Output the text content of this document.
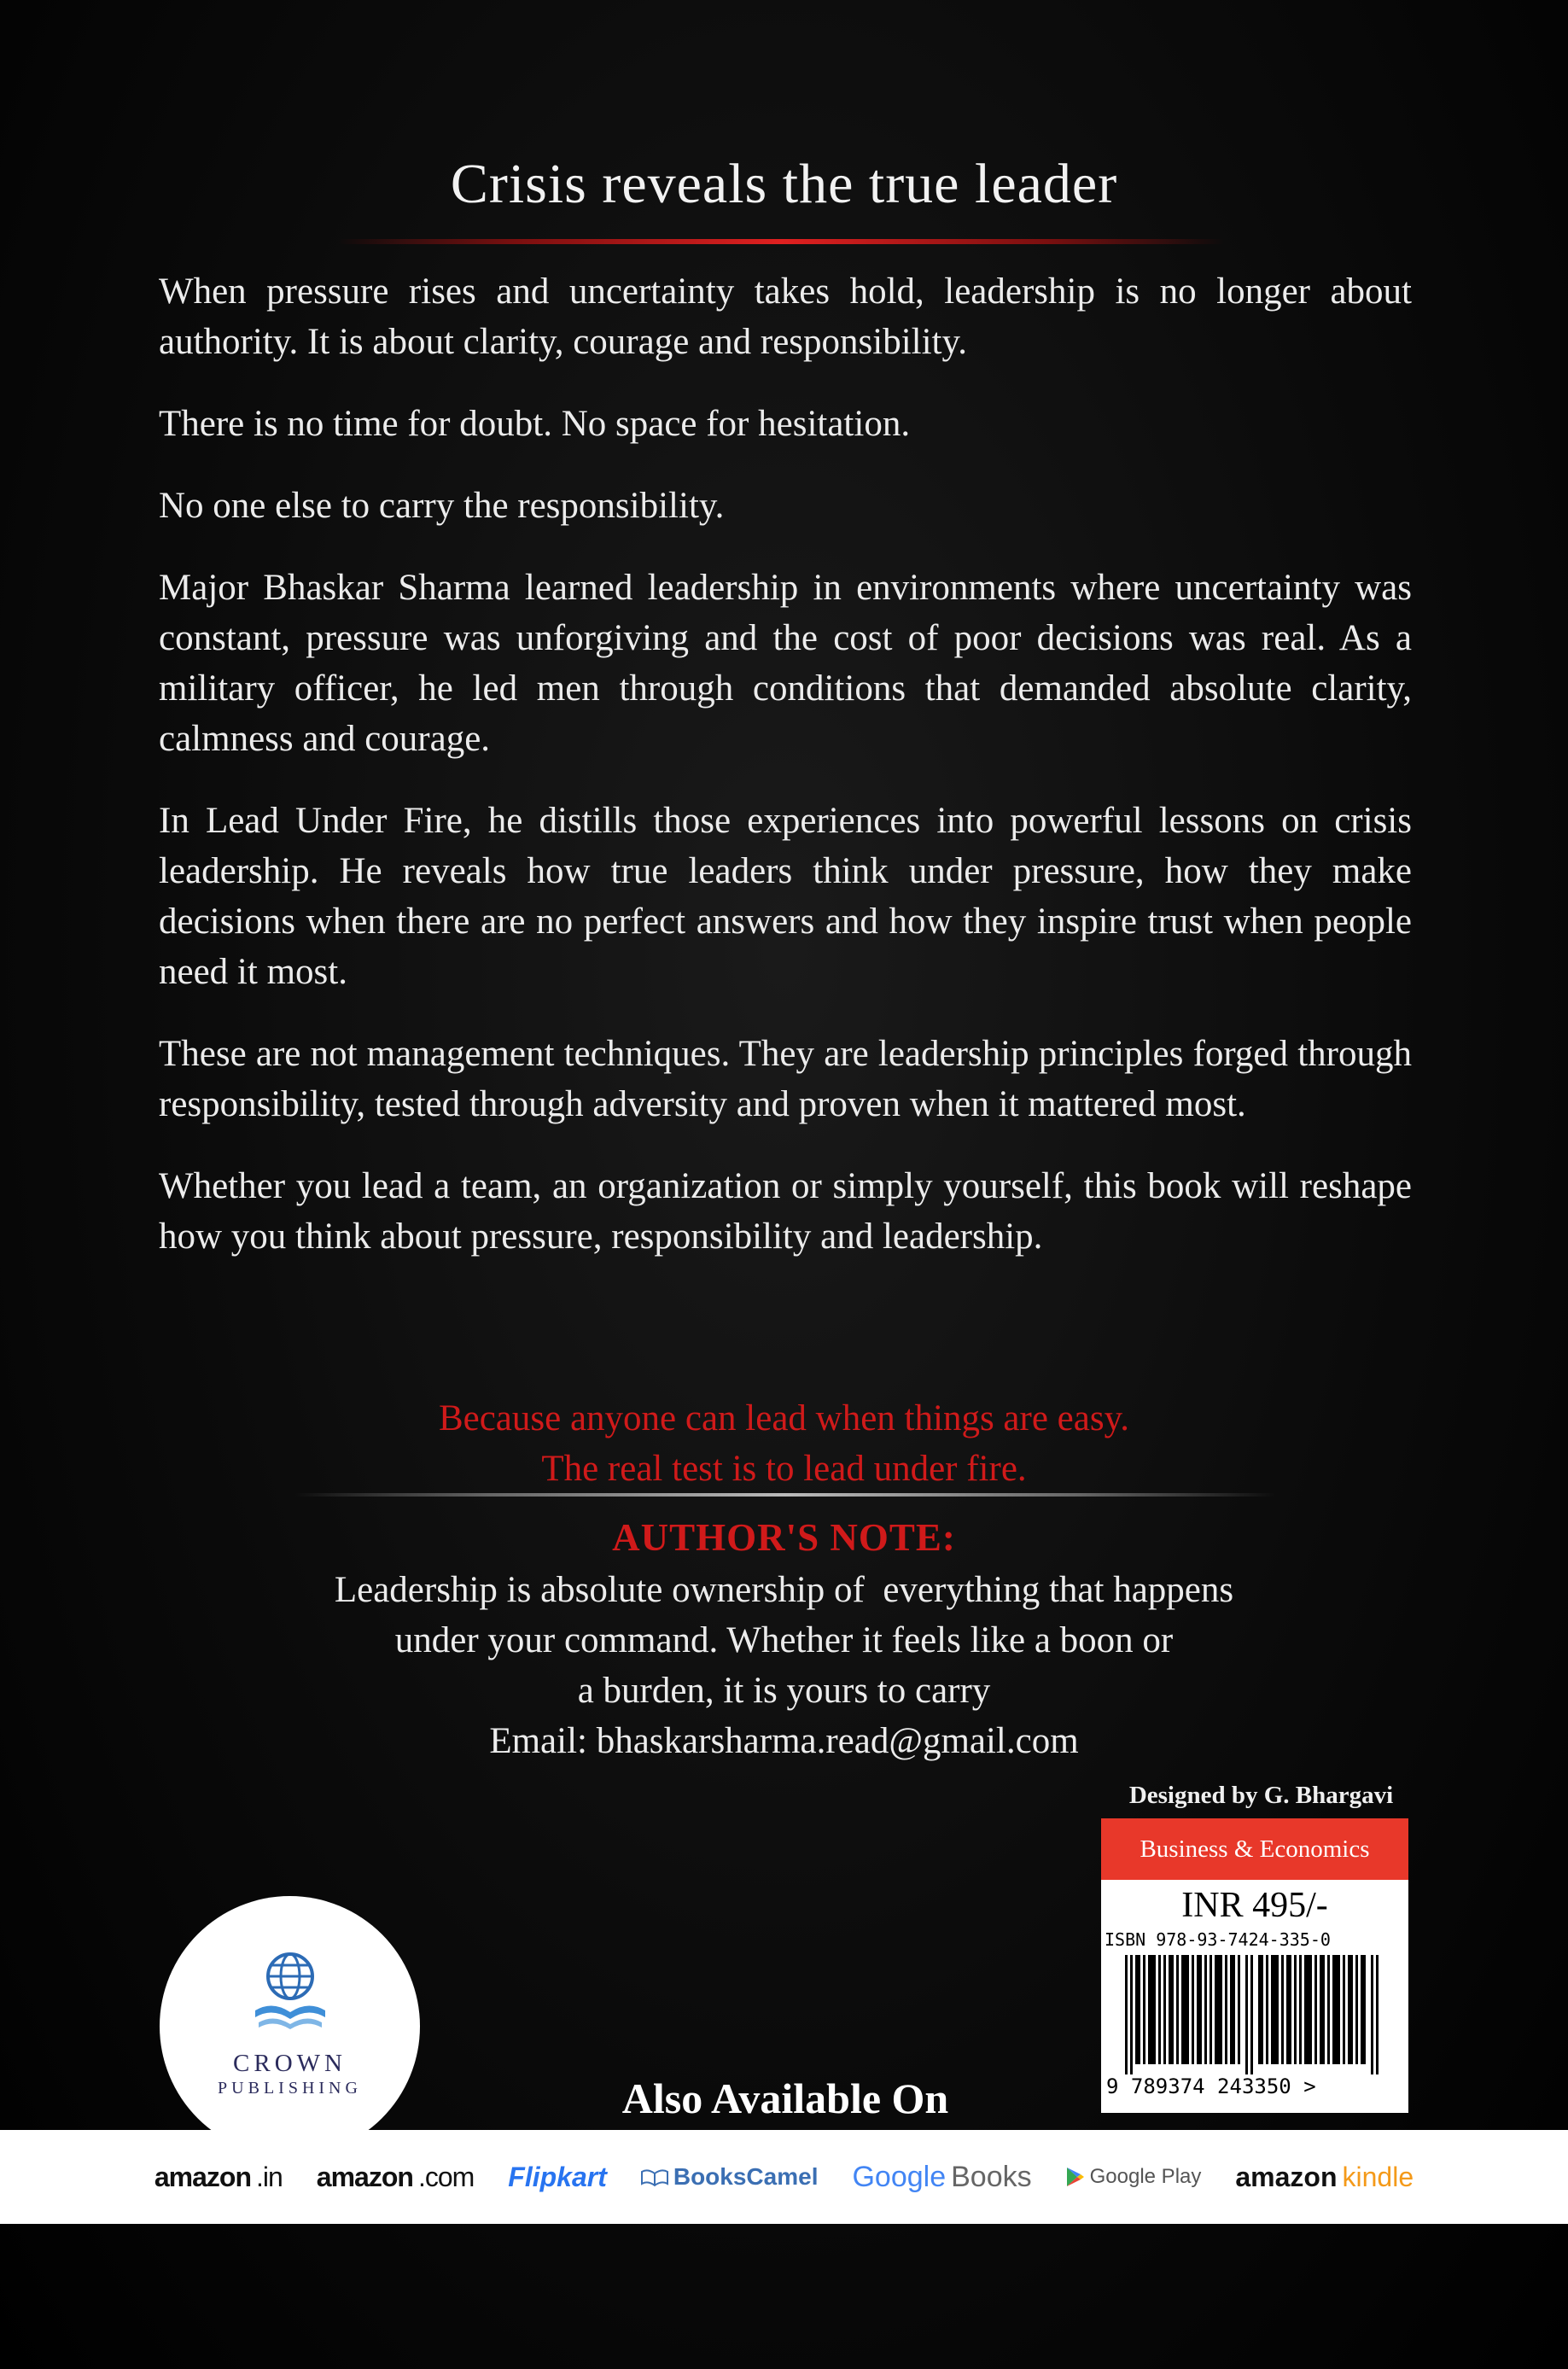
Crisis reveals the true leader

When pressure rises and uncertainty takes hold, leadership is no longer about authority. It is about clarity, courage and responsibility.

There is no time for doubt. No space for hesitation.

No one else to carry the responsibility.

Major Bhaskar Sharma learned leadership in environments where uncertainty was constant, pressure was unforgiving and the cost of poor decisions was real. As a military officer, he led men through conditions that demanded absolute clarity, calmness and courage.

In Lead Under Fire, he distills those experiences into powerful lessons on crisis leadership. He reveals how true leaders think under pressure, how they make decisions when there are no perfect answers and how they inspire trust when people need it most.

These are not management techniques. They are leadership principles forged through responsibility, tested through adversity and proven when it mattered most.

Whether you lead a team, an organization or simply yourself, this book will reshape how you think about pressure, responsibility and leadership.

Because anyone can lead when things are easy.
The real test is to lead under fire.
AUTHOR'S NOTE:
Leadership is absolute ownership of  everything that happens
under your command. Whether it feels like a boon or
a burden, it is yours to carry
Email: bhaskarsharma.read@gmail.com
Designed by G. Bhargavi
Business & Economics
INR 495/-
ISBN 978-93-7424-335-0
9 789374 243350 >
CROWN
PUBLISHING	Also Available On
amazon .in amazon .com Flipkart	BooksCamel Google Books	Google Play amazon kindle
